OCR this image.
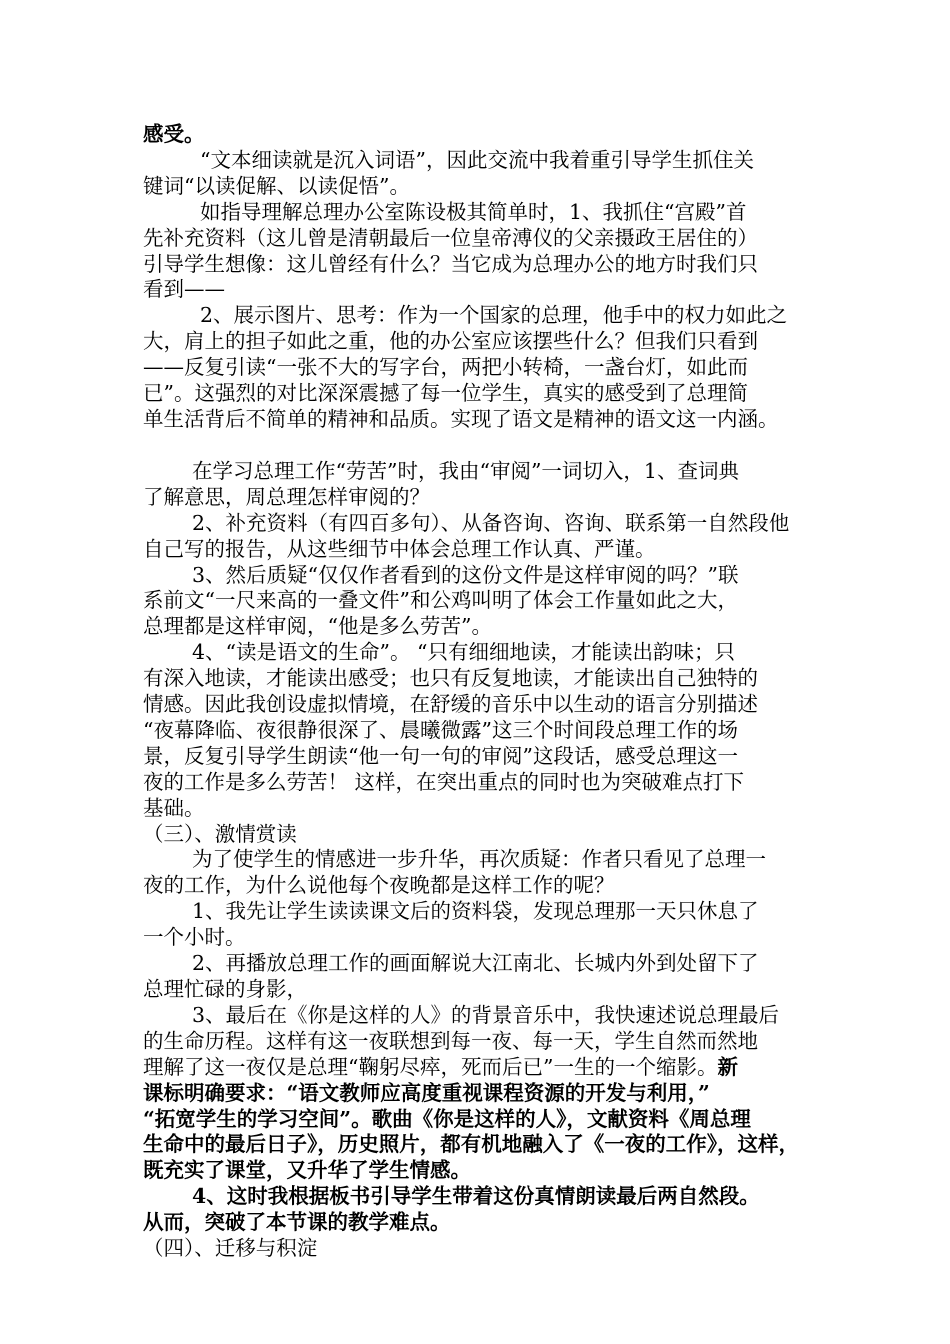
感受。

“文本细读就是沉入词语”，因此交流中我着重引导学生抓住关

键词“以读促解、以读促悟”。

如指导理解总理办公室陈设极其简单时，1、我抓住“宫殿”首

先补充资料（这儿曾是清朝最后一位皇帝溥仪的父亲摄政王居住的）

引导学生想像：这儿曾经有什么？当它成为总理办公的地方时我们只

看到——

2、展示图片、思考：作为一个国家的总理，他手中的权力如此之

大，肩上的担子如此之重，他的办公室应该摆些什么？但我们只看到

——反复引读“一张不大的写字台，两把小转椅，一盏台灯，如此而

已”。这强烈的对比深深震撼了每一位学生，真实的感受到了总理简

单生活背后不简单的精神和品质。实现了语文是精神的语文这一内涵。

在学习总理工作“劳苦”时，我由“审阅”一词切入，1、查词典

了解意思，周总理怎样审阅的？

2、补充资料（有四百多句）、从备咨询、咨询、联系第一自然段他

自己写的报告，从这些细节中体会总理工作认真、严谨。

3、然后质疑“仅仅作者看到的这份文件是这样审阅的吗？”联

系前文“一尺来高的一叠文件”和公鸡叫明了体会工作量如此之大，

总理都是这样审阅，“他是多么劳苦”。

4、“读是语文的生命”。 “只有细细地读，才能读出韵味；只

有深入地读，才能读出感受；也只有反复地读，才能读出自己独特的

情感。因此我创设虚拟情境，在舒缓的音乐中以生动的语言分别描述

“夜幕降临、夜很静很深了、晨曦微露”这三个时间段总理工作的场

景，反复引导学生朗读“他一句一句的审阅”这段话，感受总理这一

夜的工作是多么劳苦！ 这样，在突出重点的同时也为突破难点打下

基础。

（三）、激情赏读

为了使学生的情感进一步升华，再次质疑：作者只看见了总理一

夜的工作，为什么说他每个夜晚都是这样工作的呢？

1、我先让学生读读课文后的资料袋，发现总理那一天只休息了

一个小时。

2、再播放总理工作的画面解说大江南北、长城内外到处留下了

总理忙碌的身影，

3、最后在《你是这样的人》的背景音乐中，我快速述说总理最后

的生命历程。这样有这一夜联想到每一夜、每一天，学生自然而然地

理解了这一夜仅是总理“鞠躬尽瘁，死而后已”一生的一个缩影。新

课标明确要求：“语文教师应高度重视课程资源的开发与利用，”

“拓宽学生的学习空间”。歌曲《你是这样的人》，文献资料《周总理

生命中的最后日子》，历史照片，都有机地融入了《一夜的工作》，这样，

既充实了课堂，又升华了学生情感。

4、这时我根据板书引导学生带着这份真情朗读最后两自然段。

从而，突破了本节课的教学难点。

（四）、迁移与积淀
